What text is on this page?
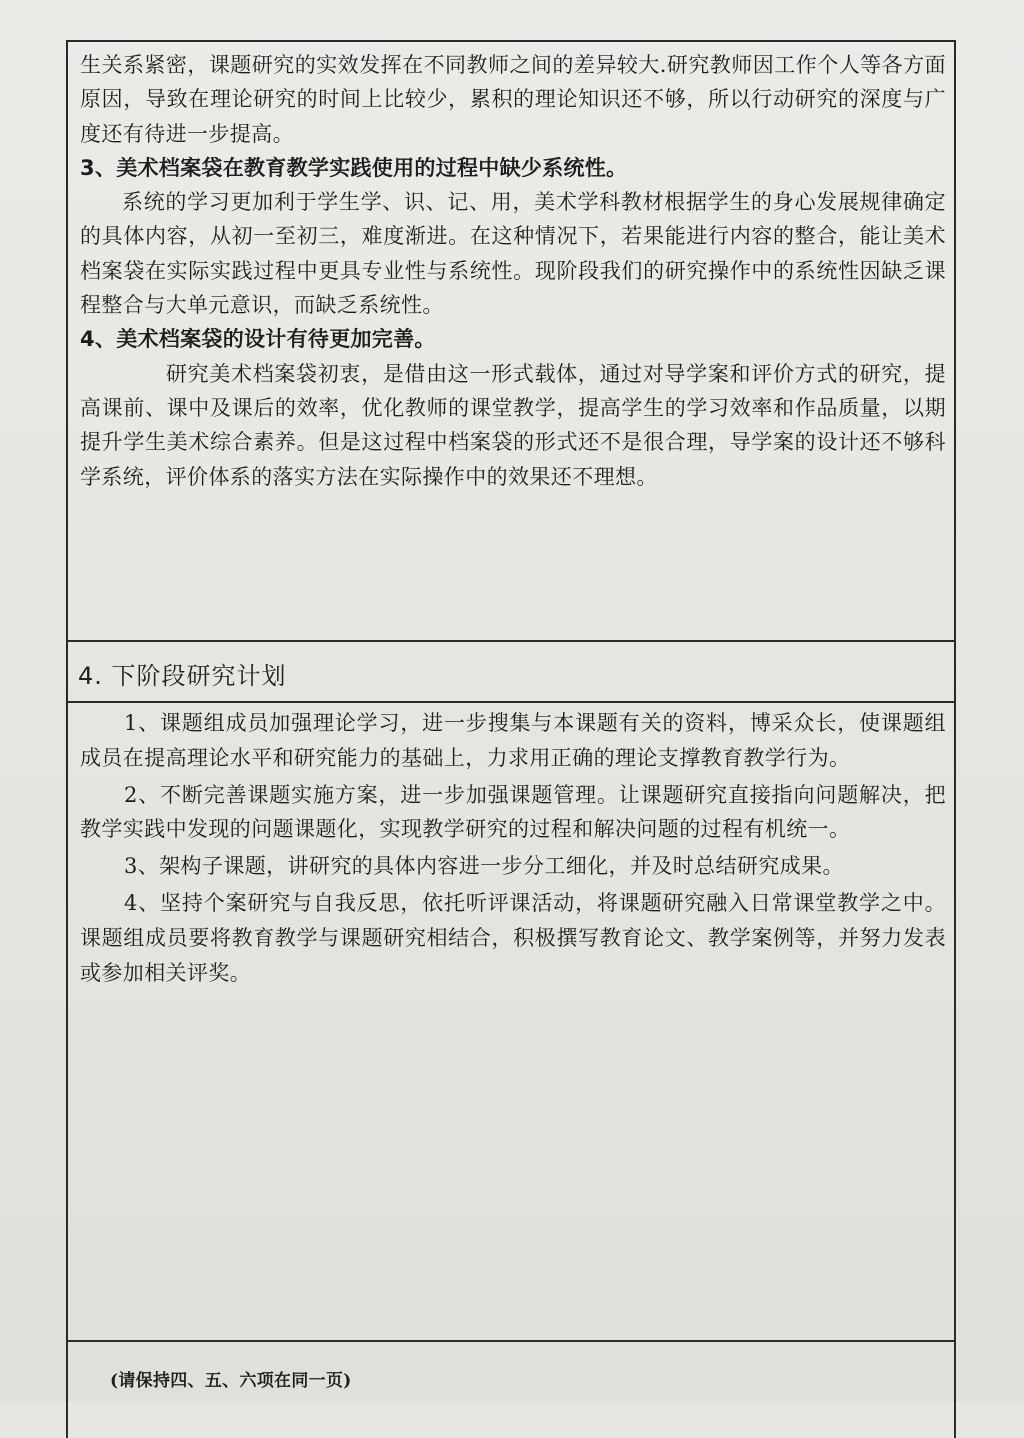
生关系紧密，课题研究的实效发挥在不同教师之间的差异较大.研究教师因工作个人等各方面原因，导致在理论研究的时间上比较少，累积的理论知识还不够，所以行动研究的深度与广度还有待进一步提高。

3、美术档案袋在教育教学实践使用的过程中缺少系统性。

系统的学习更加利于学生学、识、记、用，美术学科教材根据学生的身心发展规律确定的具体内容，从初一至初三，难度渐进。在这种情况下，若果能进行内容的整合，能让美术档案袋在实际实践过程中更具专业性与系统性。现阶段我们的研究操作中的系统性因缺乏课程整合与大单元意识，而缺乏系统性。

4、美术档案袋的设计有待更加完善。

研究美术档案袋初衷，是借由这一形式载体，通过对导学案和评价方式的研究，提高课前、课中及课后的效率，优化教师的课堂教学，提高学生的学习效率和作品质量，以期提升学生美术综合素养。但是这过程中档案袋的形式还不是很合理，导学案的设计还不够科学系统，评价体系的落实方法在实际操作中的效果还不理想。

4. 下阶段研究计划

1、课题组成员加强理论学习，进一步搜集与本课题有关的资料，博采众长，使课题组成员在提高理论水平和研究能力的基础上，力求用正确的理论支撑教育教学行为。

2、不断完善课题实施方案，进一步加强课题管理。让课题研究直接指向问题解决，把教学实践中发现的问题课题化，实现教学研究的过程和解决问题的过程有机统一。

3、架构子课题，讲研究的具体内容进一步分工细化，并及时总结研究成果。

4、坚持个案研究与自我反思，依托听评课活动，将课题研究融入日常课堂教学之中。课题组成员要将教育教学与课题研究相结合，积极撰写教育论文、教学案例等，并努力发表或参加相关评奖。

(请保持四、五、六项在同一页)
